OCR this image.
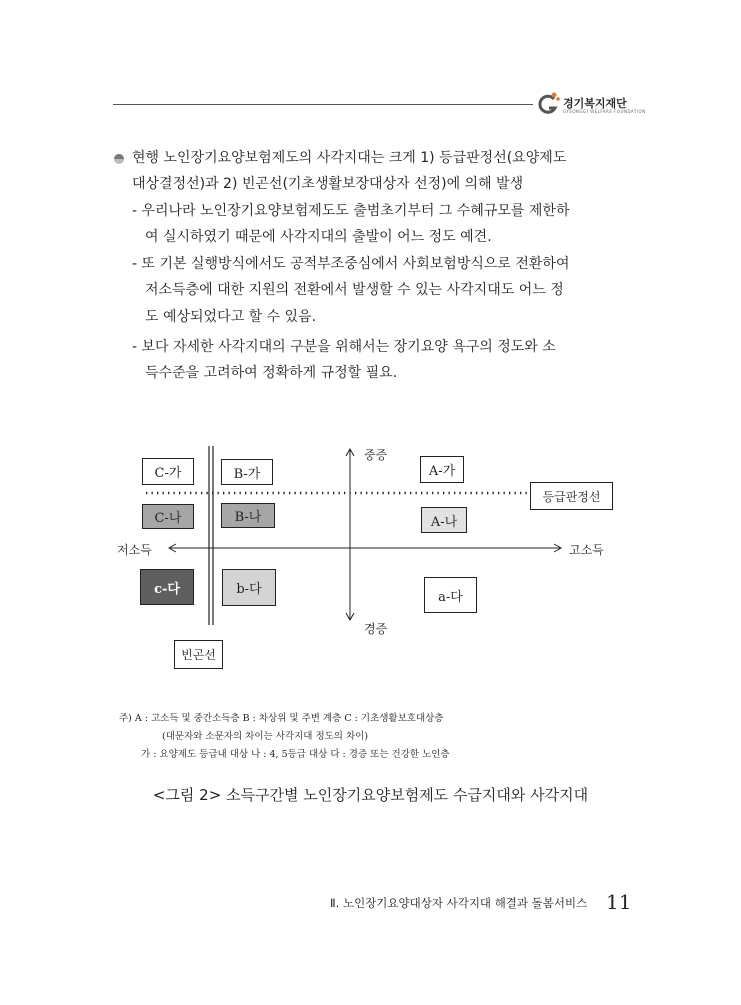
경기복지재단
GYEONGGI WELFARE FOUNDATION
현행 노인장기요양보험제도의 사각지대는 크게 1) 등급판정선(요양제도
대상결정선)과 2) 빈곤선(기초생활보장대상자 선정)에 의해 발생
- 우리나라 노인장기요양보험제도도 출범초기부터 그 수혜규모를 제한하
여 실시하였기 때문에 사각지대의 출발이 어느 정도 예견.
- 또 기본 실행방식에서도 공적부조중심에서 사회보험방식으로 전환하여
저소득층에 대한 지원의 전환에서 발생할 수 있는 사각지대도 어느 정
도 예상되었다고 할 수 있음.
- 보다 자세한 사각지대의 구분을 위해서는 장기요양 욕구의 정도와 소
득수준을 고려하여 정확하게 규정할 필요.
중증
경증
저소득	고소득
등급판정선
빈곤선
C-가	B-가	A-가
C-나	B-나	A-나
c-다	b-다	a-다
주) A : 고소득 및 중간소득층 B : 차상위 및 주변 계층 C : 기초생활보호대상층
(대문자와 소문자의 차이는 사각지대 정도의 차이)
가 : 요양제도 등급내 대상 나 : 4, 5등급 대상 다 : 경증 또는 건강한 노인층
<그림 2> 소득구간별 노인장기요양보험제도 수급지대와 사각지대
Ⅱ. 노인장기요양대상자 사각지대 해결과 돌봄서비스 11
